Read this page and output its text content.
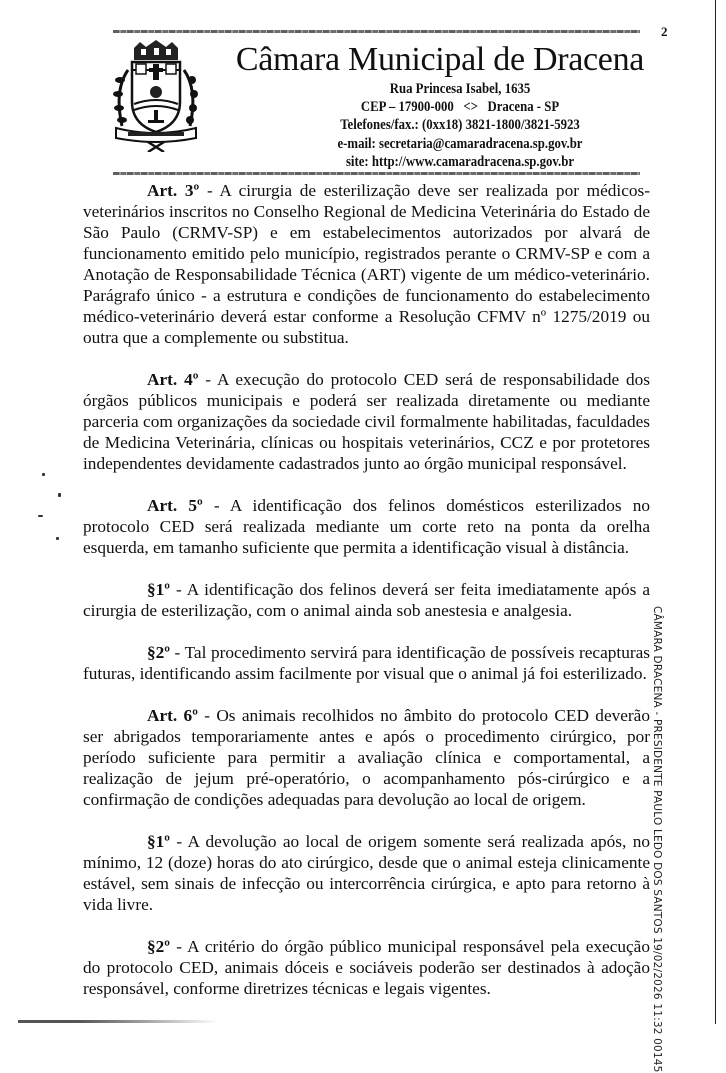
2
Câmara Municipal de Dracena
Rua Princesa Isabel, 1635
CEP – 17900-000   <>   Dracena - SP
Telefones/fax.: (0xx18) 3821-1800/3821-5923
e-mail: secretaria@camaradracena.sp.gov.br
site: http://www.camaradracena.sp.gov.br

Art. 3º - A cirurgia de esterilização deve ser realizada por médicos-veterinários inscritos no Conselho Regional de Medicina Veterinária do Estado de São Paulo (CRMV-SP) e em estabelecimentos autorizados por alvará de funcionamento emitido pelo município, registrados perante o CRMV-SP e com a Anotação de Responsabilidade Técnica (ART) vigente de um médico-veterinário. Parágrafo único - a estrutura e condições de funcionamento do estabelecimento médico-veterinário deverá estar conforme a Resolução CFMV nº 1275/2019 ou outra que a complemente ou substitua.

Art. 4º - A execução do protocolo CED será de responsabilidade dos órgãos públicos municipais e poderá ser realizada diretamente ou mediante parceria com organizações da sociedade civil formalmente habilitadas, faculdades de Medicina Veterinária, clínicas ou hospitais veterinários, CCZ e por protetores independentes devidamente cadastrados junto ao órgão municipal responsável.

Art. 5º - A identificação dos felinos domésticos esterilizados no protocolo CED será realizada mediante um corte reto na ponta da orelha esquerda, em tamanho suficiente que permita a identificação visual à distância.

§1º - A identificação dos felinos deverá ser feita imediatamente após a cirurgia de esterilização, com o animal ainda sob anestesia e analgesia.

§2º - Tal procedimento servirá para identificação de possíveis recapturas futuras, identificando assim facilmente por visual que o animal já foi esterilizado.

Art. 6º - Os animais recolhidos no âmbito do protocolo CED deverão ser abrigados temporariamente antes e após o procedimento cirúrgico, por período suficiente para permitir a avaliação clínica e comportamental, a realização de jejum pré-operatório, o acompanhamento pós-cirúrgico e a confirmação de condições adequadas para devolução ao local de origem.

§1º - A devolução ao local de origem somente será realizada após, no mínimo, 12 (doze) horas do ato cirúrgico, desde que o animal esteja clinicamente estável, sem sinais de infecção ou intercorrência cirúrgica, e apto para retorno à vida livre.

§2º - A critério do órgão público municipal responsável pela execução do protocolo CED, animais dóceis e sociáveis poderão ser destinados à adoção responsável, conforme diretrizes técnicas e legais vigentes.	CÂMARA DRACENA - PRESIDENTE PAULO LEDO DOS SANTOS 19/02/2026 11:32 00145
